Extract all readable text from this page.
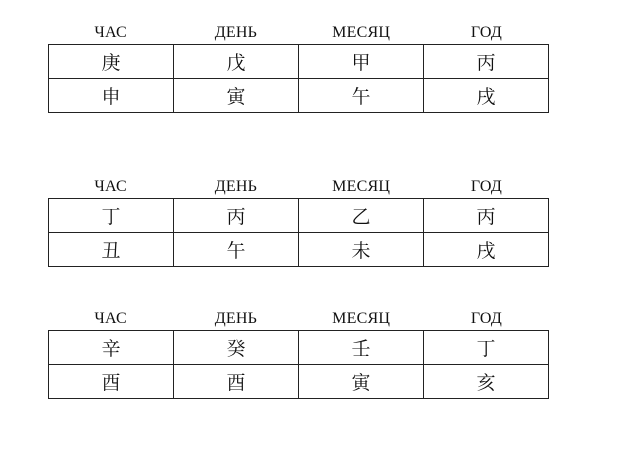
ЧАС	ДЕНЬ	МЕСЯЦ	ГОД
庚	戊	甲	丙
申	寅	午	戌
ЧАС	ДЕНЬ	МЕСЯЦ	ГОД
丁	丙	乙	丙
丑	午	未	戌
ЧАС	ДЕНЬ	МЕСЯЦ	ГОД
辛	癸	壬	丁
酉	酉	寅	亥
